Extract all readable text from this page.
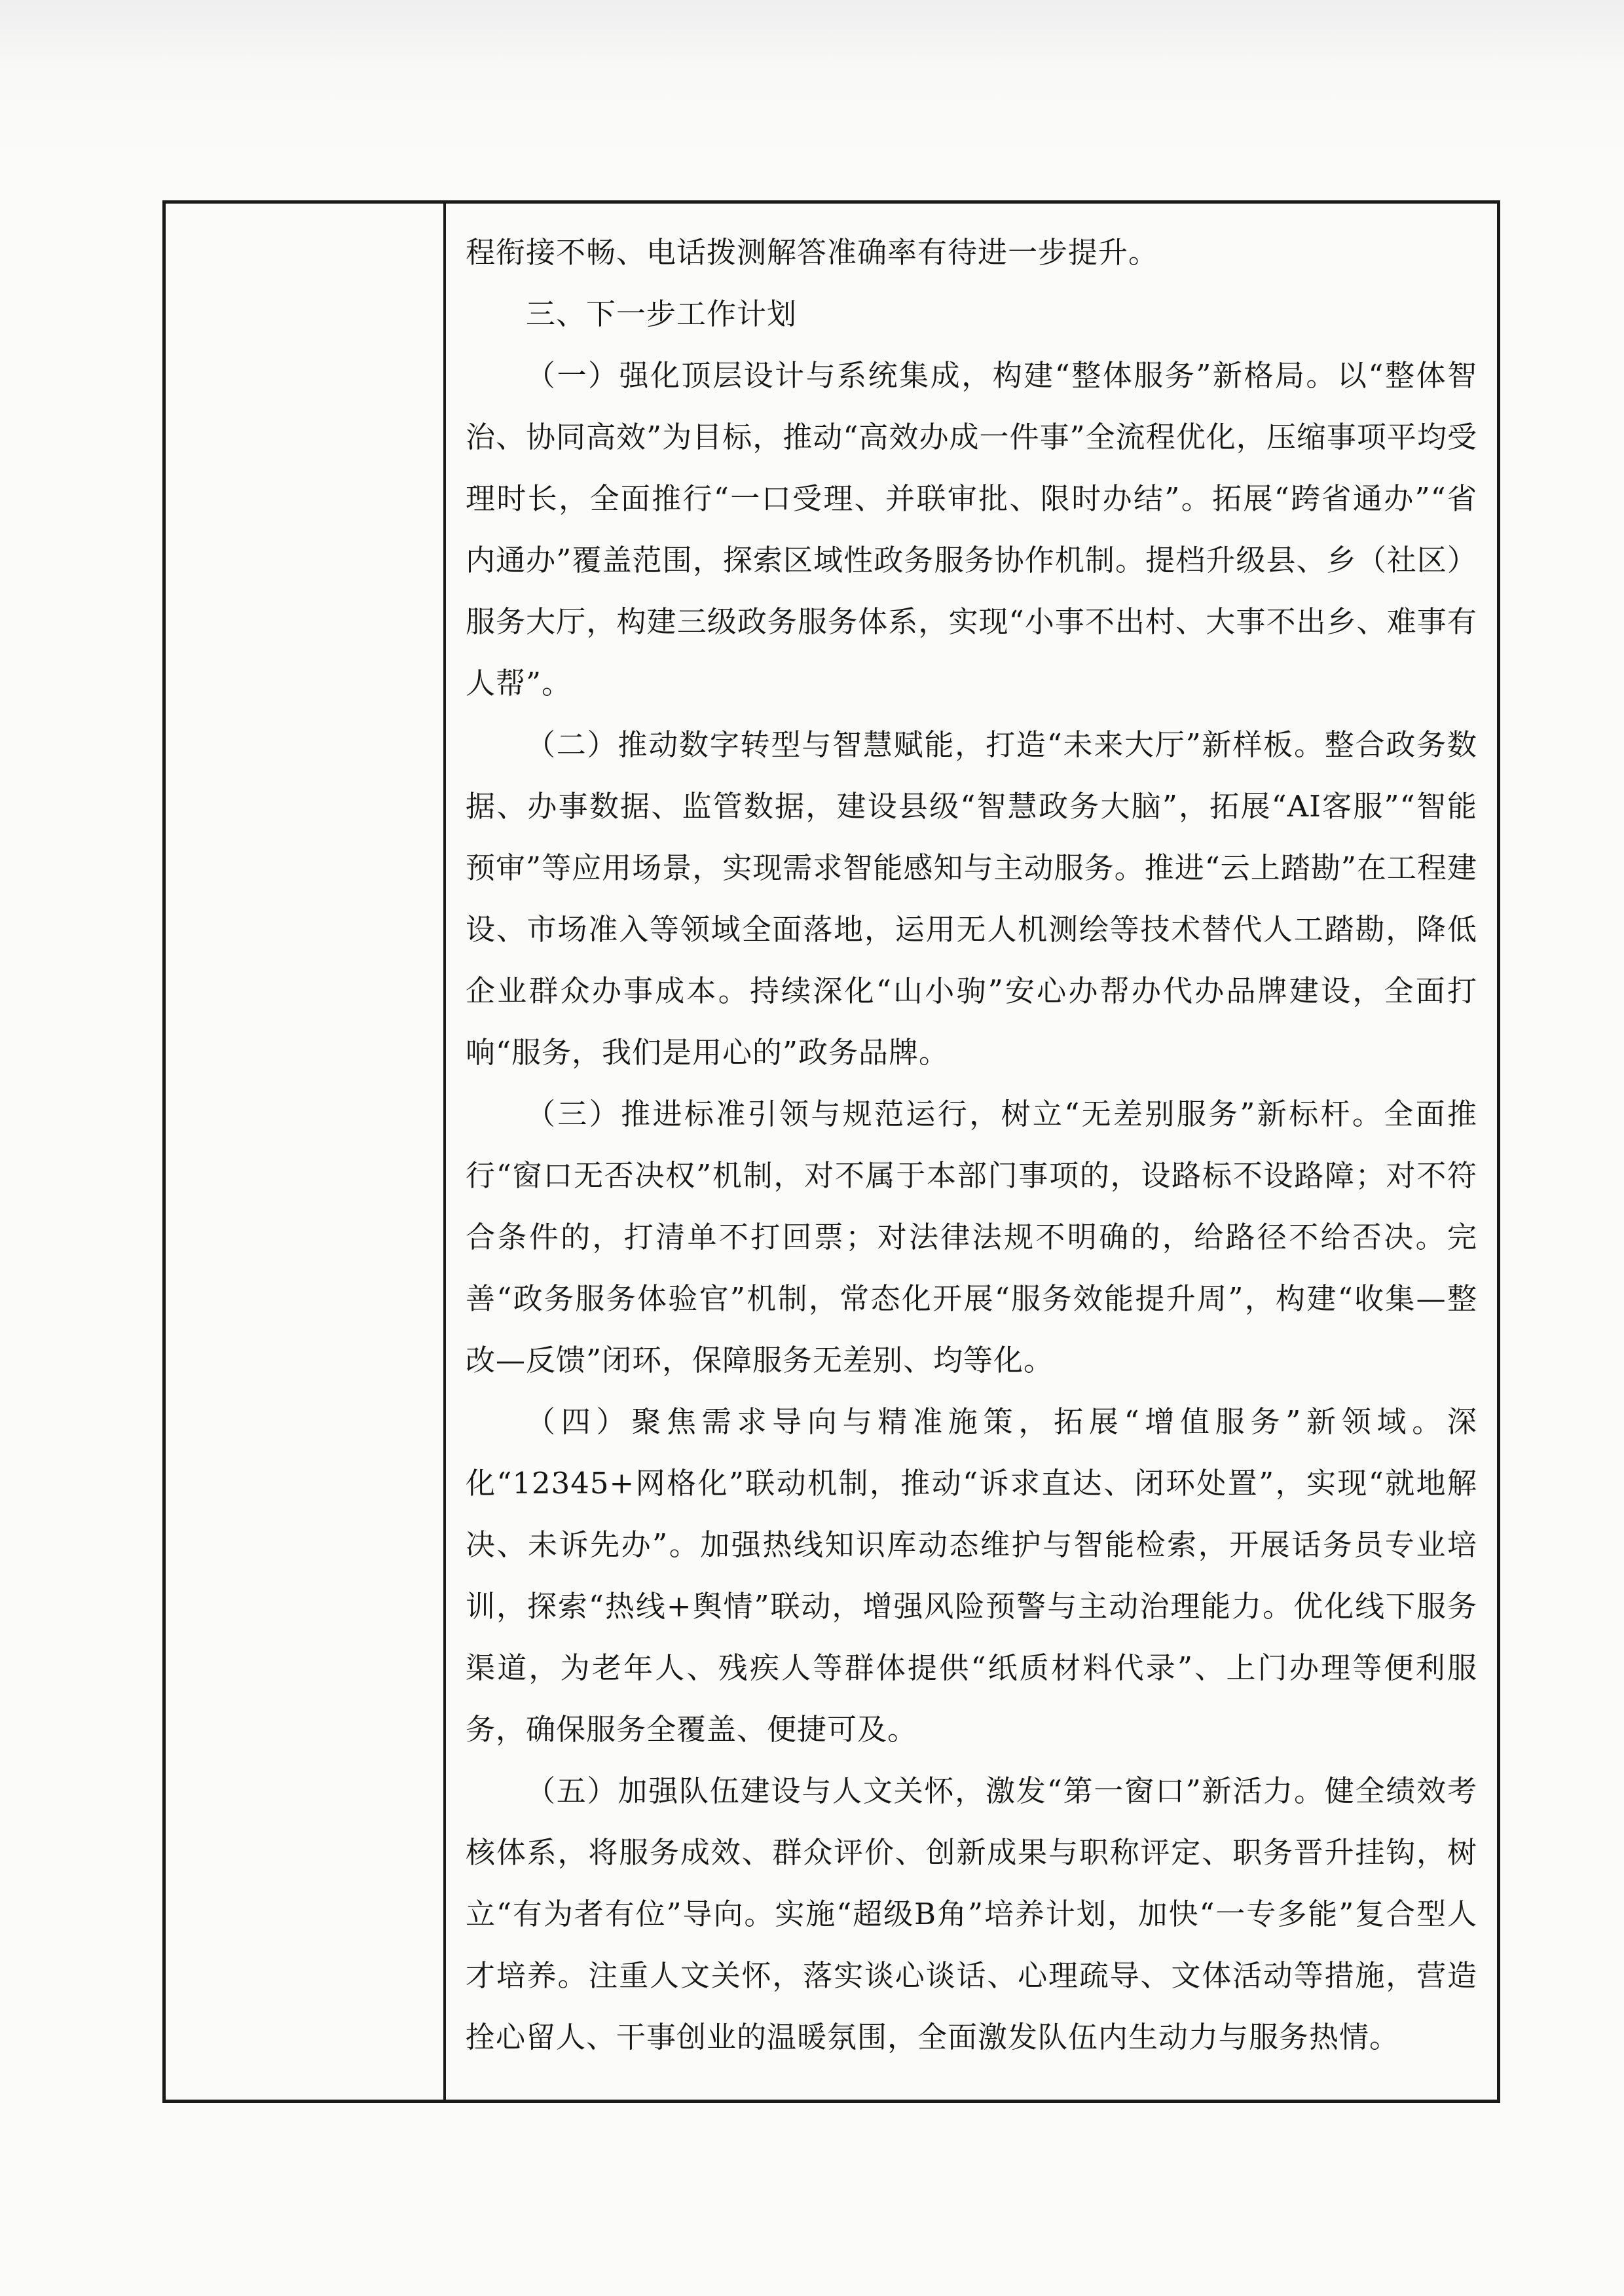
程衔接不畅、电话拨测解答准确率有待进一步提升。

三、下一步工作计划

（一）强化顶层设计与系统集成，构建“整体服务”新格局。以“整体智治、协同高效”为目标，推动“高效办成一件事”全流程优化，压缩事项平均受理时长，全面推行“一口受理、并联审批、限时办结”。拓展“跨省通办”“省内通办”覆盖范围，探索区域性政务服务协作机制。提档升级县、乡（社区）服务大厅，构建三级政务服务体系，实现“小事不出村、大事不出乡、难事有人帮”。

（二）推动数字转型与智慧赋能，打造“未来大厅”新样板。整合政务数据、办事数据、监管数据，建设县级“智慧政务大脑”，拓展“AI客服”“智能预审”等应用场景，实现需求智能感知与主动服务。推进“云上踏勘”在工程建设、市场准入等领域全面落地，运用无人机测绘等技术替代人工踏勘，降低企业群众办事成本。持续深化“山小驹”安心办帮办代办品牌建设，全面打响“服务，我们是用心的”政务品牌。

（三）推进标准引领与规范运行，树立“无差别服务”新标杆。全面推行“窗口无否决权”机制，对不属于本部门事项的，设路标不设路障；对不符合条件的，打清单不打回票；对法律法规不明确的，给路径不给否决。完善“政务服务体验官”机制，常态化开展“服务效能提升周”，构建“收集—整改—反馈”闭环，保障服务无差别、均等化。

（四）聚焦需求导向与精准施策，拓展“增值服务”新领域。深化“12345+网格化”联动机制，推动“诉求直达、闭环处置”，实现“就地解决、未诉先办”。加强热线知识库动态维护与智能检索，开展话务员专业培训，探索“热线+舆情”联动，增强风险预警与主动治理能力。优化线下服务渠道，为老年人、残疾人等群体提供“纸质材料代录”、上门办理等便利服务，确保服务全覆盖、便捷可及。

（五）加强队伍建设与人文关怀，激发“第一窗口”新活力。健全绩效考核体系，将服务成效、群众评价、创新成果与职称评定、职务晋升挂钩，树立“有为者有位”导向。实施“超级B角”培养计划，加快“一专多能”复合型人才培养。注重人文关怀，落实谈心谈话、心理疏导、文体活动等措施，营造拴心留人、干事创业的温暖氛围，全面激发队伍内生动力与服务热情。
